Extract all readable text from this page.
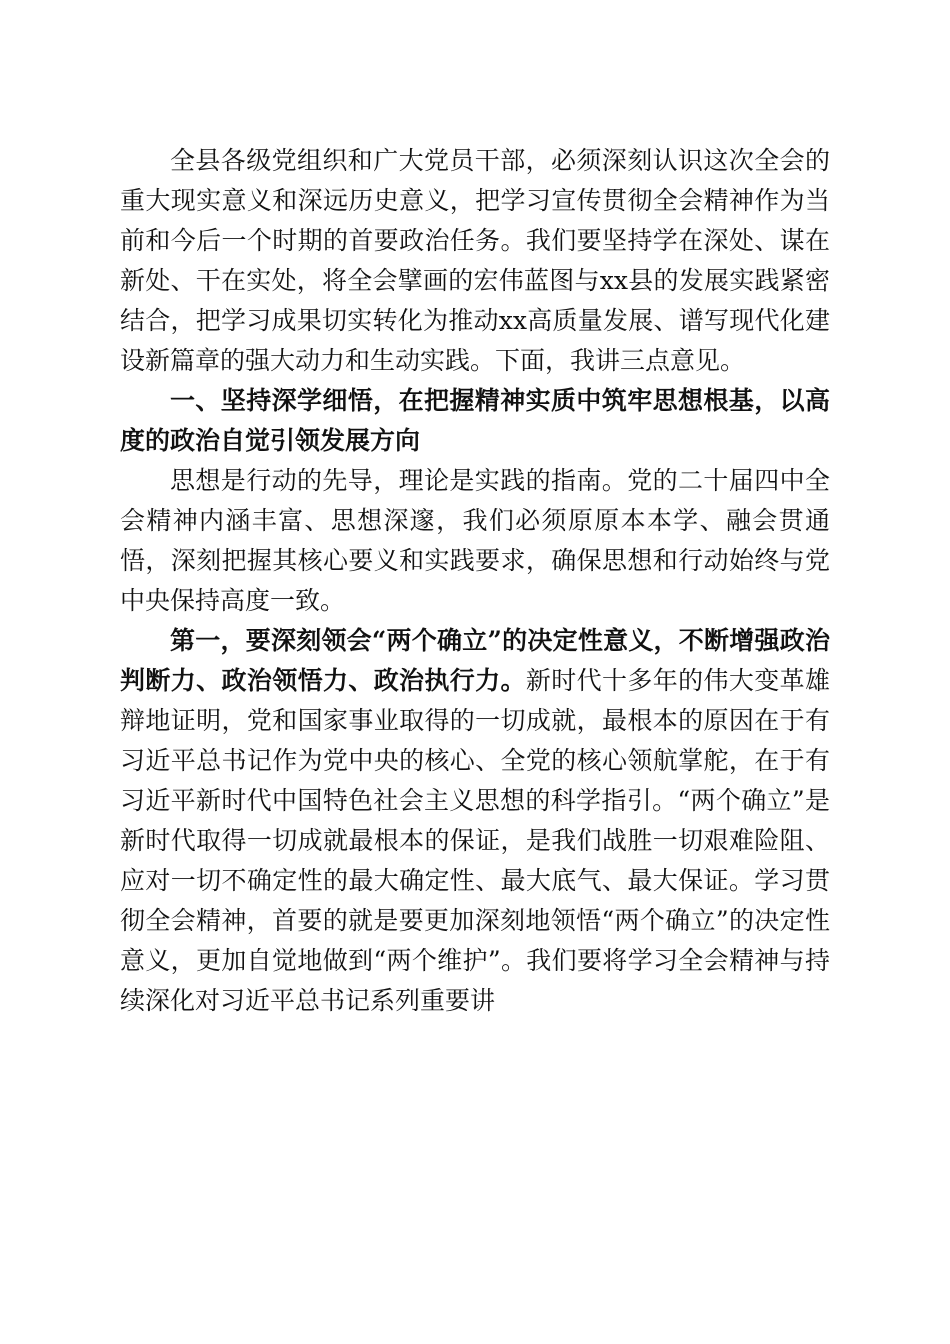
全县各级党组织和广大党员干部，必须深刻认识这次全会的重大现实意义和深远历史意义，把学习宣传贯彻全会精神作为当前和今后一个时期的首要政治任务。我们要坚持学在深处、谋在新处、干在实处，将全会擘画的宏伟蓝图与xx县的发展实践紧密结合，把学习成果切实转化为推动xx高质量发展、谱写现代化建设新篇章的强大动力和生动实践。下面，我讲三点意见。

一、坚持深学细悟，在把握精神实质中筑牢思想根基，以高度的政治自觉引领发展方向

思想是行动的先导，理论是实践的指南。党的二十届四中全会精神内涵丰富、思想深邃，我们必须原原本本学、融会贯通悟，深刻把握其核心要义和实践要求，确保思想和行动始终与党中央保持高度一致。

第一，要深刻领会“两个确立”的决定性意义，不断增强政治判断力、政治领悟力、政治执行力。新时代十多年的伟大变革雄辩地证明，党和国家事业取得的一切成就，最根本的原因在于有习近平总书记作为党中央的核心、全党的核心领航掌舵，在于有习近平新时代中国特色社会主义思想的科学指引。“两个确立”是新时代取得一切成就最根本的保证，是我们战胜一切艰难险阻、应对一切不确定性的最大确定性、最大底气、最大保证。学习贯彻全会精神，首要的就是要更加深刻地领悟“两个确立”的决定性意义，更加自觉地做到“两个维护”。我们要将学习全会精神与持续深化对习近平总书记系列重要讲
